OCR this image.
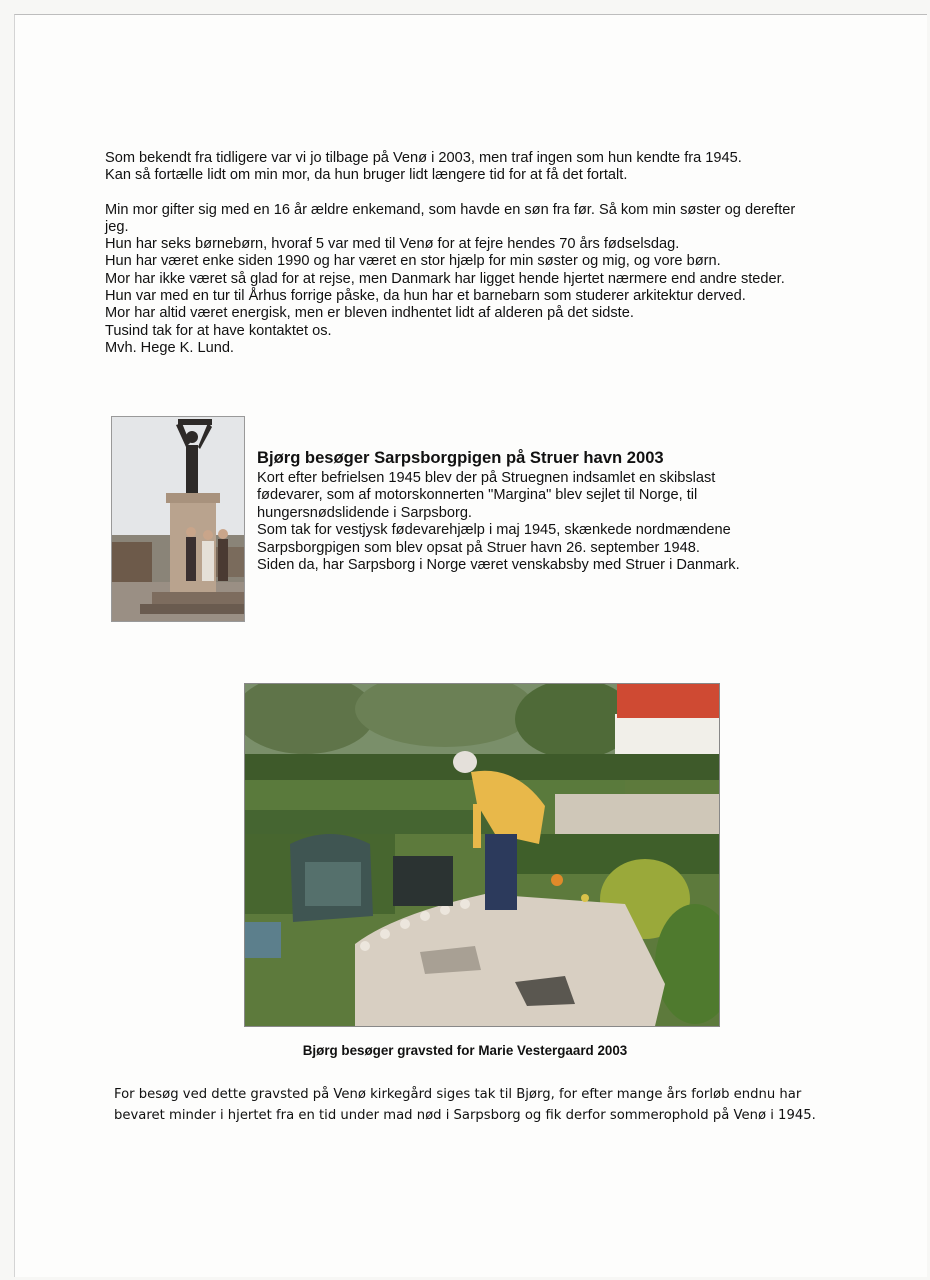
Som bekendt fra tidligere var vi jo tilbage på Venø i 2003, men traf ingen som hun kendte fra 1945.

Kan så fortælle lidt om min mor, da hun bruger lidt længere tid for at få det fortalt.

Min mor gifter sig med en 16 år ældre enkemand, som havde en søn fra før. Så kom min søster og derefter jeg.

Hun har seks børnebørn, hvoraf 5 var med til Venø for at fejre hendes 70 års fødselsdag.

Hun har været enke siden 1990 og har været en stor hjælp for min søster og mig, og vore børn.

Mor har ikke været så glad for at rejse, men Danmark har ligget hende hjertet nærmere end andre steder.

Hun var med en tur til Århus forrige påske, da hun har et barnebarn som studerer arkitektur derved.

Mor har altid været energisk, men er bleven indhentet lidt af alderen på det sidste.

Tusind tak for at have kontaktet os.

Mvh. Hege K. Lund.

Bjørg besøger Sarpsborgpigen på Struer havn 2003

Kort efter befrielsen 1945 blev der på Struegnen indsamlet en skibslast

fødevarer, som af motorskonnerten "Margina" blev sejlet til Norge, til

hungersnødslidende i Sarpsborg.

Som tak for vestjysk fødevarehjælp i maj 1945, skænkede nordmændene

Sarpsborgpigen som blev opsat på Struer havn 26. september 1948.

Siden da, har Sarpsborg i Norge været venskabsby med Struer i Danmark.

Bjørg besøger gravsted for Marie Vestergaard 2003

For besøg ved dette gravsted på Venø kirkegård siges tak til Bjørg, for efter mange års forløb endnu har

bevaret minder i hjertet fra en tid under mad nød i Sarpsborg og fik derfor sommerophold på Venø i 1945.
